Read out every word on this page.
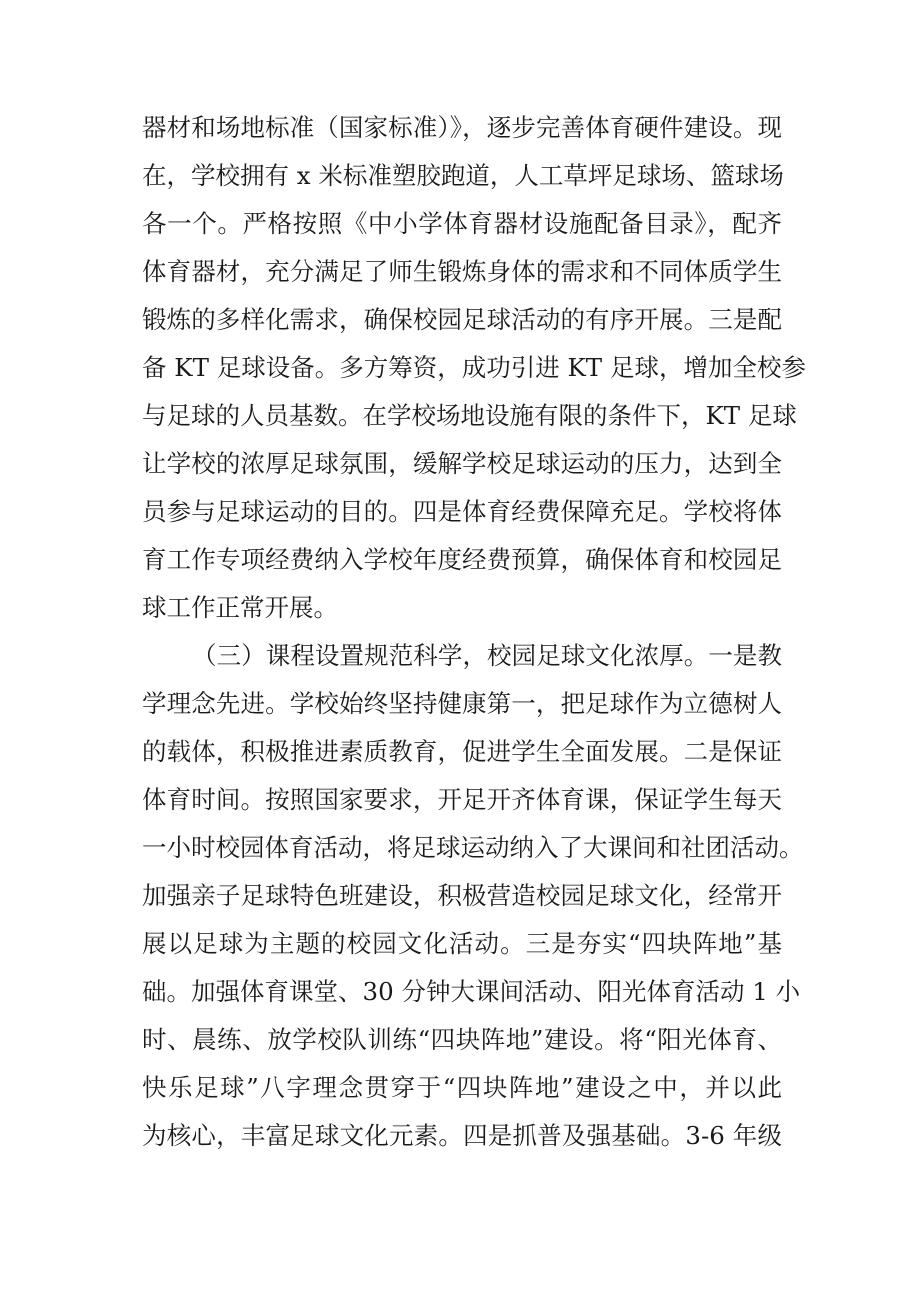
器材和场地标准（国家标准）》，逐步完善体育硬件建设。现
在，学校拥有 x 米标准塑胶跑道，人工草坪足球场、篮球场
各一个。严格按照《中小学体育器材设施配备目录》，配齐
体育器材，充分满足了师生锻炼身体的需求和不同体质学生
锻炼的多样化需求，确保校园足球活动的有序开展。三是配
备 KT 足球设备。多方筹资，成功引进 KT 足球，增加全校参
与足球的人员基数。在学校场地设施有限的条件下，KT 足球
让学校的浓厚足球氛围，缓解学校足球运动的压力，达到全
员参与足球运动的目的。四是体育经费保障充足。学校将体
育工作专项经费纳入学校年度经费预算，确保体育和校园足
球工作正常开展。
（三）课程设置规范科学，校园足球文化浓厚。一是教
学理念先进。学校始终坚持健康第一，把足球作为立德树人
的载体，积极推进素质教育，促进学生全面发展。二是保证
体育时间。按照国家要求，开足开齐体育课，保证学生每天
一小时校园体育活动，将足球运动纳入了大课间和社团活动。
加强亲子足球特色班建设，积极营造校园足球文化，经常开
展以足球为主题的校园文化活动。三是夯实“四块阵地”基
础。加强体育课堂、30 分钟大课间活动、阳光体育活动 1 小
时、晨练、放学校队训练“四块阵地”建设。将“阳光体育、
快乐足球”八字理念贯穿于“四块阵地”建设之中，并以此
为核心，丰富足球文化元素。四是抓普及强基础。3-6 年级
